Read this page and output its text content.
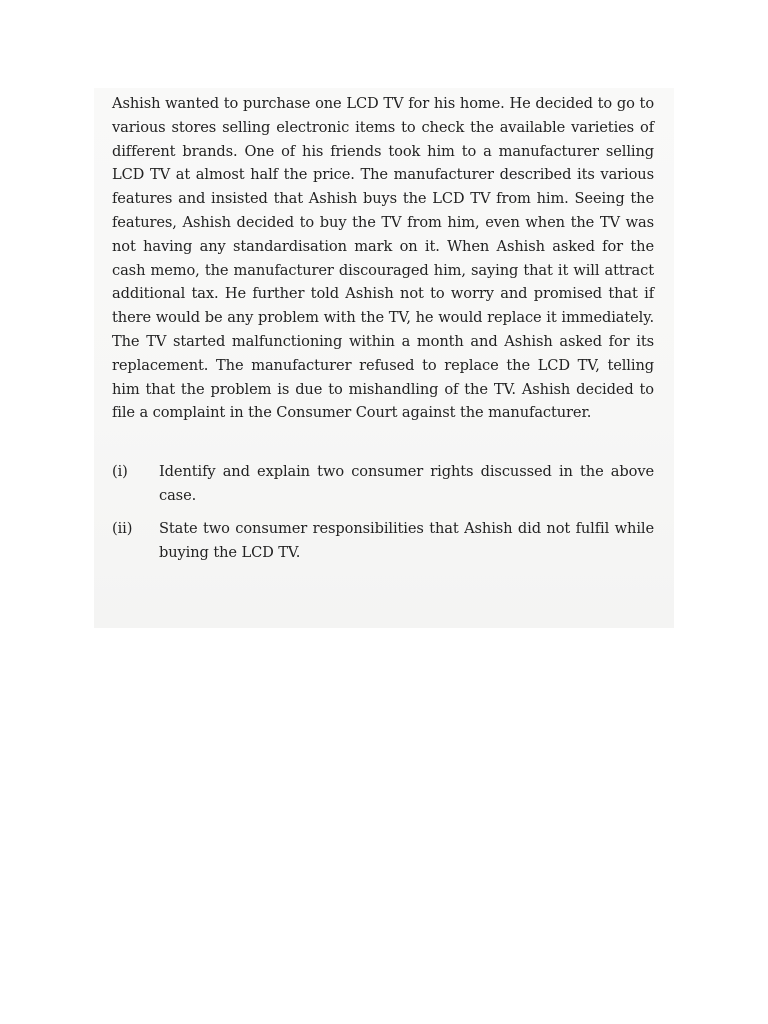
Ashish wanted to purchase one LCD TV for his home. He decided to go to various stores selling electronic items to check the available varieties of different brands. One of his friends took him to a manufacturer selling LCD TV at almost half the price. The manufacturer described its various features and insisted that Ashish buys the LCD TV from him. Seeing the features, Ashish decided to buy the TV from him, even when the TV was not having any standardisation mark on it. When Ashish asked for the cash memo, the manufacturer discouraged him, saying that it will attract additional tax. He further told Ashish not to worry and promised that if there would be any problem with the TV, he would replace it immediately. The TV started malfunctioning within a month and Ashish asked for its replacement. The manufacturer refused to replace the LCD TV, telling him that the problem is due to mishandling of the TV. Ashish decided to file a complaint in the Consumer Court against the manufacturer.

(i) Identify and explain two consumer rights discussed in the above case.
(ii) State two consumer responsibilities that Ashish did not fulfil while buying the LCD TV.
